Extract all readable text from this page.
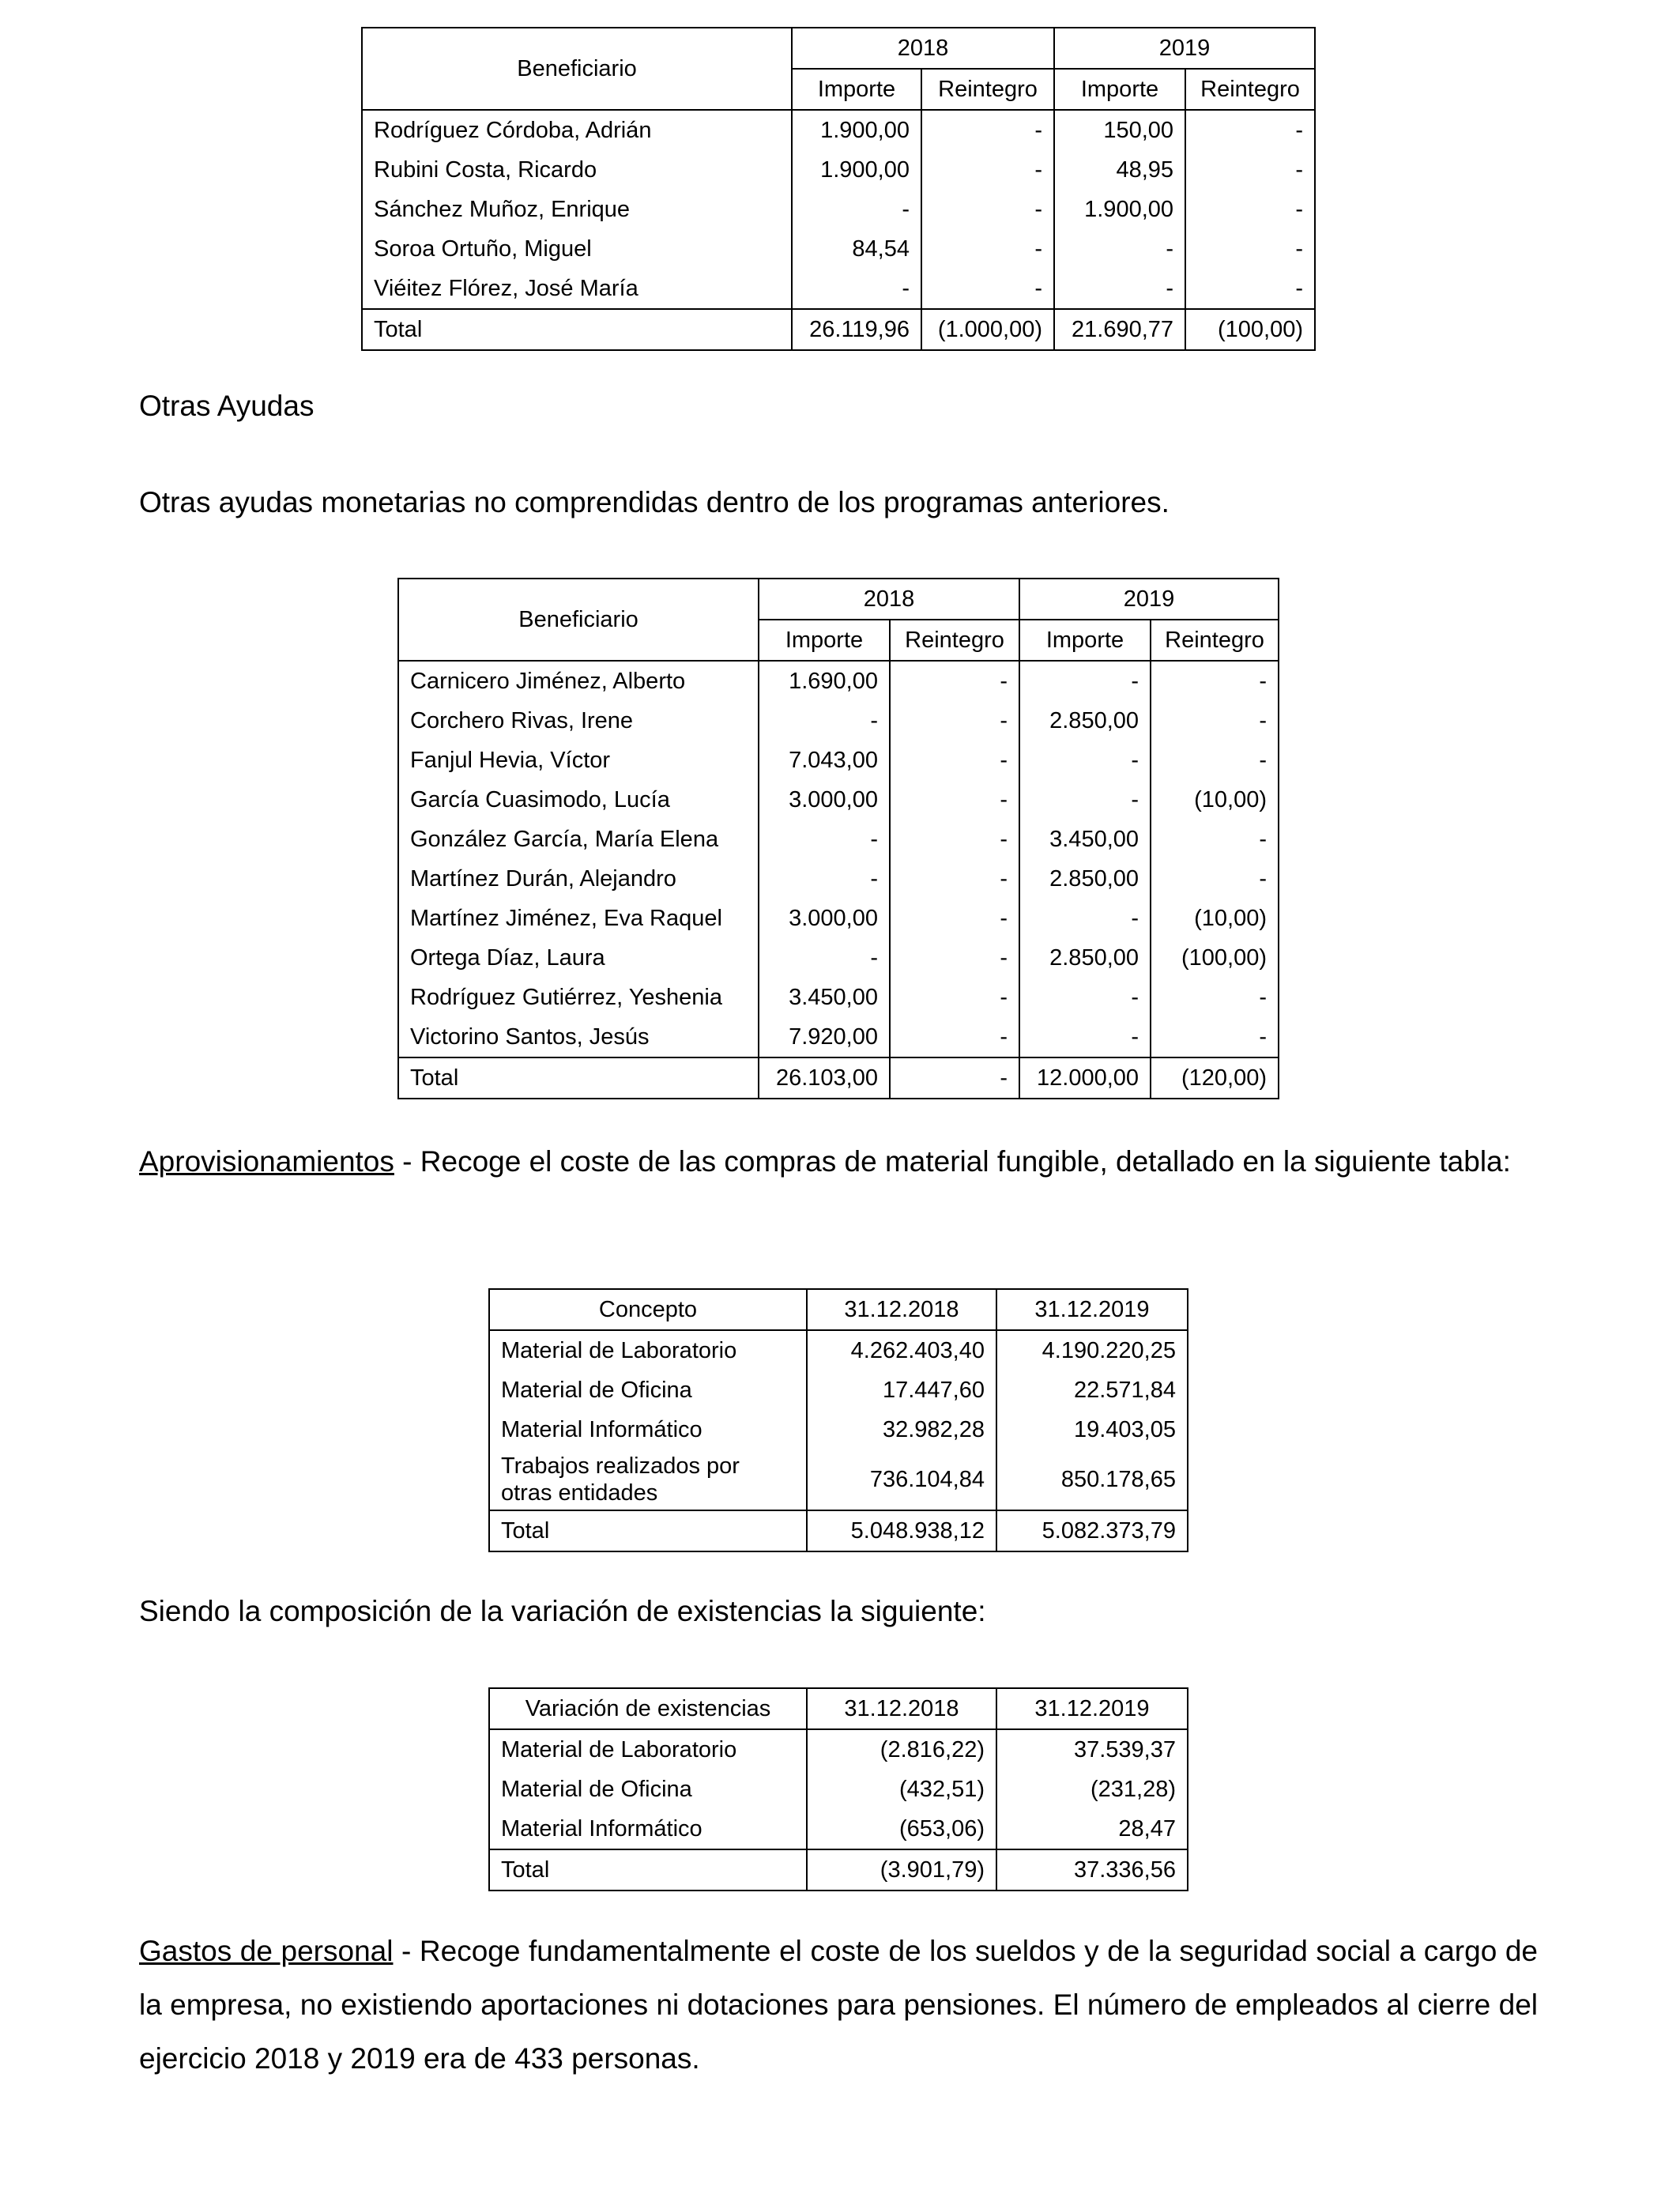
Beneficiario	2018		2019	
	Importe	Reintegro	Importe	Reintegro
Rodríguez Córdoba, Adrián	1.900,00	-	150,00	-
Rubini Costa, Ricardo	1.900,00	-	48,95	-
Sánchez Muñoz, Enrique	-	-	1.900,00	-
Soroa Ortuño, Miguel	84,54	-	-	-
Viéitez Flórez, José María	-	-	-	-
Total	26.119,96	(1.000,00)	21.690,77	(100,00)
Otras Ayudas
Otras ayudas monetarias no comprendidas dentro de los programas anteriores.
Beneficiario	2018		2019	
	Importe	Reintegro	Importe	Reintegro
Carnicero Jiménez, Alberto	1.690,00	-	-	-
Corchero Rivas, Irene	-	-	2.850,00	-
Fanjul Hevia, Víctor	7.043,00	-	-	-
García Cuasimodo, Lucía	3.000,00	-	-	(10,00)
González García, María Elena	-	-	3.450,00	-
Martínez Durán, Alejandro	-	-	2.850,00	-
Martínez Jiménez, Eva Raquel	3.000,00	-	-	(10,00)
Ortega Díaz, Laura	-	-	2.850,00	(100,00)
Rodríguez Gutiérrez, Yeshenia	3.450,00	-	-	-
Victorino Santos, Jesús	7.920,00	-	-	-
Total	26.103,00	-	12.000,00	(120,00)
Aprovisionamientos - Recoge el coste de las compras de material fungible, detallado en la siguiente tabla:
Concepto	31.12.2018	31.12.2019
Material de Laboratorio	4.262.403,40	4.190.220,25
Material de Oficina	17.447,60	22.571,84
Material Informático	32.982,28	19.403,05
Trabajos realizados por otras entidades	736.104,84	850.178,65
Total	5.048.938,12	5.082.373,79
Siendo la composición de la variación de existencias la siguiente:
Variación de existencias	31.12.2018	31.12.2019
Material de Laboratorio	(2.816,22)	37.539,37
Material de Oficina	(432,51)	(231,28)
Material Informático	(653,06)	28,47
Total	(3.901,79)	37.336,56
Gastos de personal - Recoge fundamentalmente el coste de los sueldos y de la seguridad social a cargo de la empresa, no existiendo aportaciones ni dotaciones para pensiones. El número de empleados al cierre del ejercicio 2018 y 2019 era de 433 personas.
